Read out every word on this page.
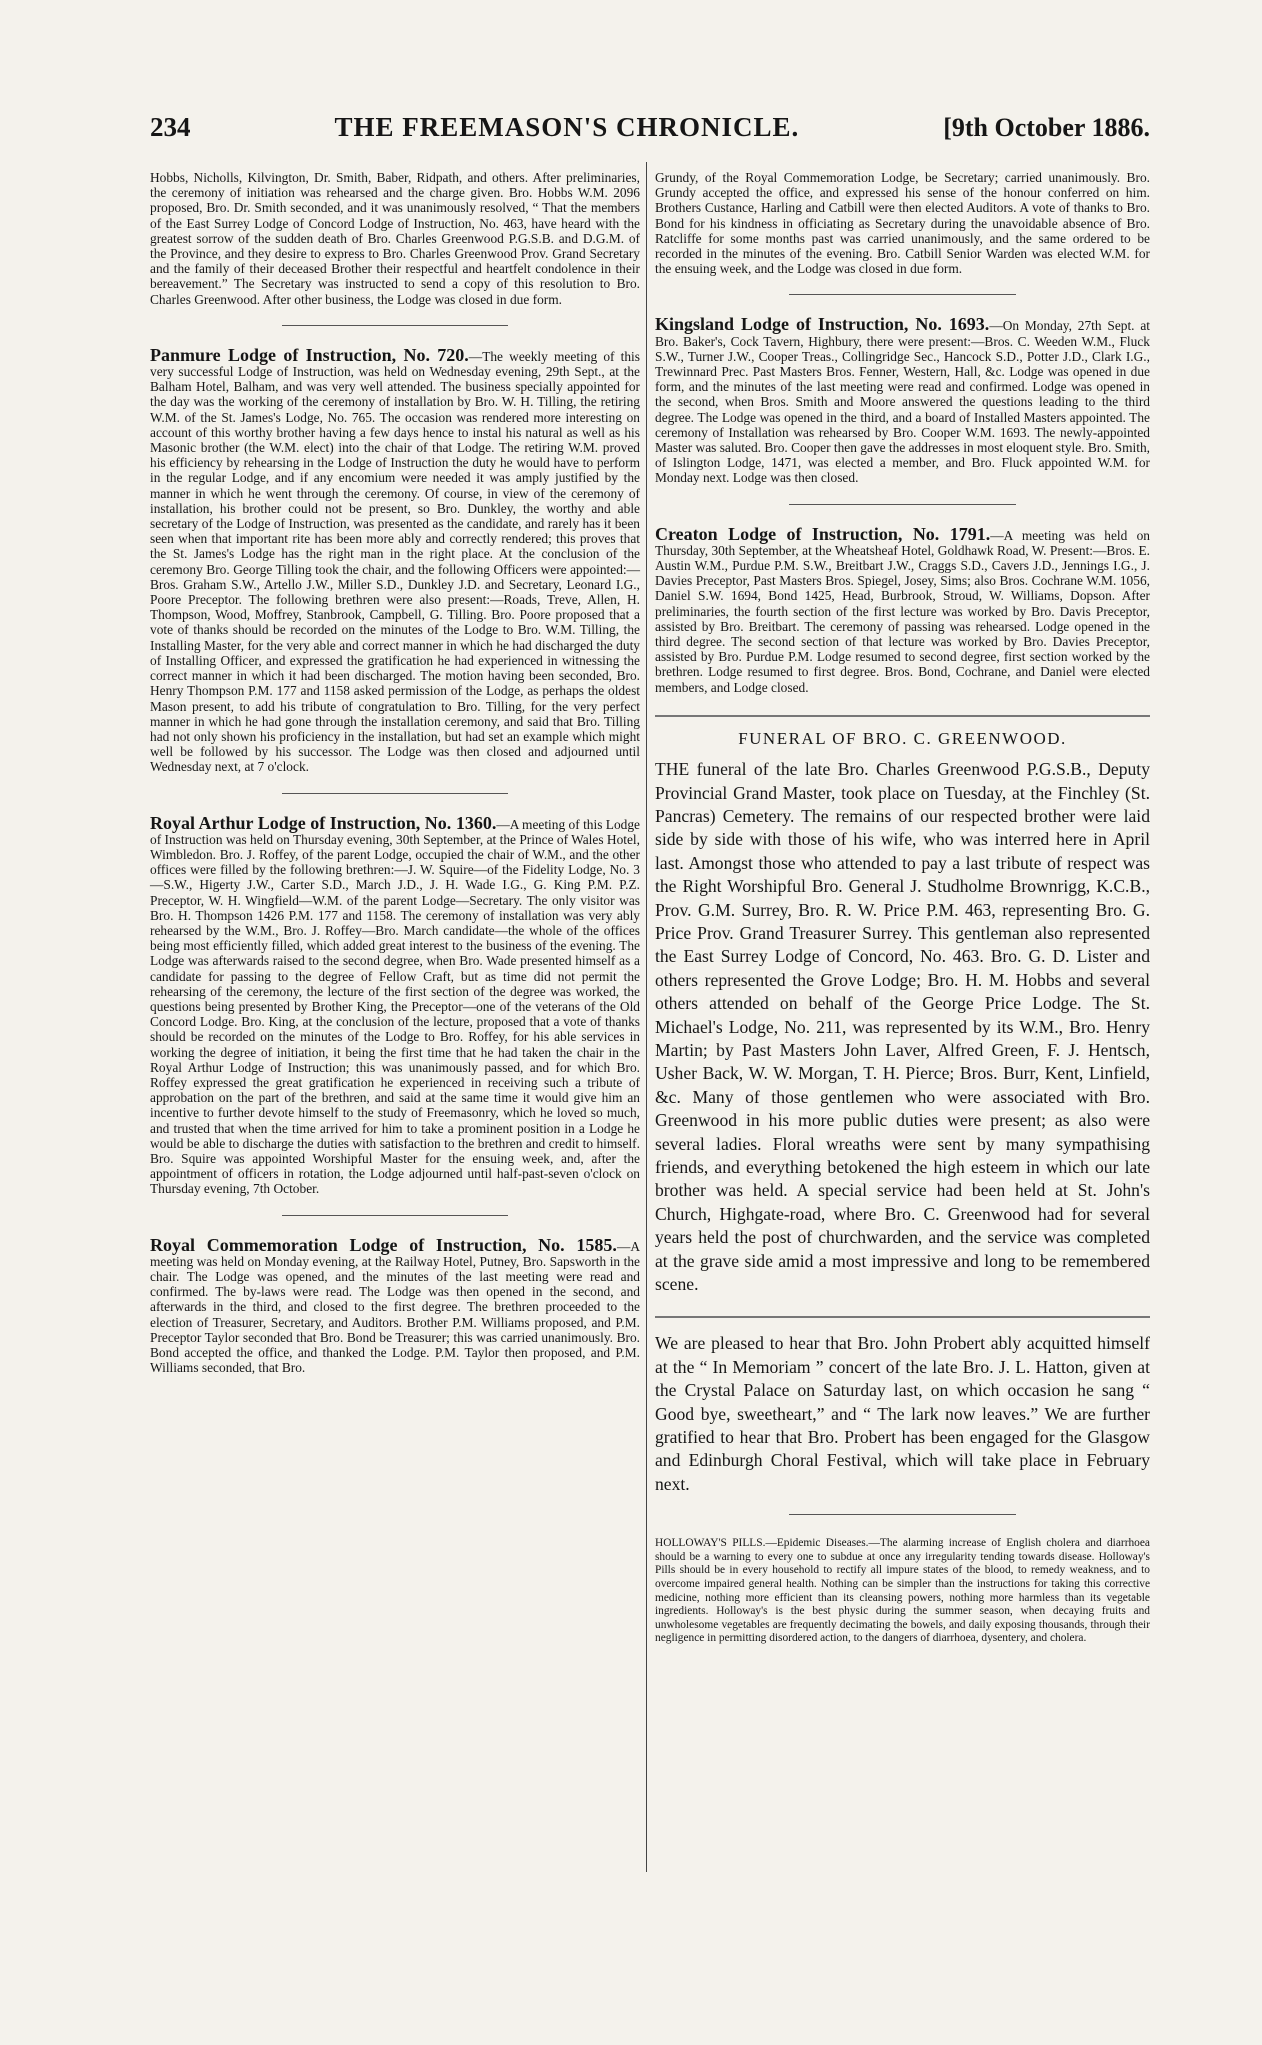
234	THE FREEMASON'S CHRONICLE.	[9th October 1886.

Hobbs, Nicholls, Kilvington, Dr. Smith, Baber, Ridpath, and others. After preliminaries, the ceremony of initiation was rehearsed and the charge given. Bro. Hobbs W.M. 2096 proposed, Bro. Dr. Smith seconded, and it was unanimously resolved, “ That the members of the East Surrey Lodge of Concord Lodge of Instruction, No. 463, have heard with the greatest sorrow of the sudden death of Bro. Charles Greenwood P.G.S.B. and D.G.M. of the Province, and they desire to express to Bro. Charles Greenwood Prov. Grand Secretary and the family of their deceased Brother their respectful and heartfelt condolence in their bereavement.” The Secretary was instructed to send a copy of this resolution to Bro. Charles Greenwood. After other business, the Lodge was closed in due form.

Panmure Lodge of Instruction, No. 720.—The weekly meeting of this very successful Lodge of Instruction, was held on Wednesday evening, 29th Sept., at the Balham Hotel, Balham, and was very well attended. The business specially appointed for the day was the working of the ceremony of installation by Bro. W. H. Tilling, the retiring W.M. of the St. James's Lodge, No. 765. The occasion was rendered more interesting on account of this worthy brother having a few days hence to instal his natural as well as his Masonic brother (the W.M. elect) into the chair of that Lodge. The retiring W.M. proved his efficiency by rehearsing in the Lodge of Instruction the duty he would have to perform in the regular Lodge, and if any encomium were needed it was amply justified by the manner in which he went through the ceremony. Of course, in view of the ceremony of installation, his brother could not be present, so Bro. Dunkley, the worthy and able secretary of the Lodge of Instruction, was presented as the candidate, and rarely has it been seen when that important rite has been more ably and correctly rendered; this proves that the St. James's Lodge has the right man in the right place. At the conclusion of the ceremony Bro. George Tilling took the chair, and the following Officers were appointed:—Bros. Graham S.W., Artello J.W., Miller S.D., Dunkley J.D. and Secretary, Leonard I.G., Poore Preceptor. The following brethren were also present:—Roads, Treve, Allen, H. Thompson, Wood, Moffrey, Stanbrook, Campbell, G. Tilling. Bro. Poore proposed that a vote of thanks should be recorded on the minutes of the Lodge to Bro. W.M. Tilling, the Installing Master, for the very able and correct manner in which he had discharged the duty of Installing Officer, and expressed the gratification he had experienced in witnessing the correct manner in which it had been discharged. The motion having been seconded, Bro. Henry Thompson P.M. 177 and 1158 asked permission of the Lodge, as perhaps the oldest Mason present, to add his tribute of congratulation to Bro. Tilling, for the very perfect manner in which he had gone through the installation ceremony, and said that Bro. Tilling had not only shown his proficiency in the installation, but had set an example which might well be followed by his successor. The Lodge was then closed and adjourned until Wednesday next, at 7 o'clock.

Royal Arthur Lodge of Instruction, No. 1360.—A meeting of this Lodge of Instruction was held on Thursday evening, 30th September, at the Prince of Wales Hotel, Wimbledon. Bro. J. Roffey, of the parent Lodge, occupied the chair of W.M., and the other offices were filled by the following brethren:—J. W. Squire—of the Fidelity Lodge, No. 3—S.W., Higerty J.W., Carter S.D., March J.D., J. H. Wade I.G., G. King P.M. P.Z. Preceptor, W. H. Wingfield—W.M. of the parent Lodge—Secretary. The only visitor was Bro. H. Thompson 1426 P.M. 177 and 1158. The ceremony of installation was very ably rehearsed by the W.M., Bro. J. Roffey—Bro. March candidate—the whole of the offices being most efficiently filled, which added great interest to the business of the evening. The Lodge was afterwards raised to the second degree, when Bro. Wade presented himself as a candidate for passing to the degree of Fellow Craft, but as time did not permit the rehearsing of the ceremony, the lecture of the first section of the degree was worked, the questions being presented by Brother King, the Preceptor—one of the veterans of the Old Concord Lodge. Bro. King, at the conclusion of the lecture, proposed that a vote of thanks should be recorded on the minutes of the Lodge to Bro. Roffey, for his able services in working the degree of initiation, it being the first time that he had taken the chair in the Royal Arthur Lodge of Instruction; this was unanimously passed, and for which Bro. Roffey expressed the great gratification he experienced in receiving such a tribute of approbation on the part of the brethren, and said at the same time it would give him an incentive to further devote himself to the study of Freemasonry, which he loved so much, and trusted that when the time arrived for him to take a prominent position in a Lodge he would be able to discharge the duties with satisfaction to the brethren and credit to himself. Bro. Squire was appointed Worshipful Master for the ensuing week, and, after the appointment of officers in rotation, the Lodge adjourned until half-past-seven o'clock on Thursday evening, 7th October.

Royal Commemoration Lodge of Instruction, No. 1585.—A meeting was held on Monday evening, at the Railway Hotel, Putney, Bro. Sapsworth in the chair. The Lodge was opened, and the minutes of the last meeting were read and confirmed. The by-laws were read. The Lodge was then opened in the second, and afterwards in the third, and closed to the first degree. The brethren proceeded to the election of Treasurer, Secretary, and Auditors. Brother P.M. Williams proposed, and P.M. Preceptor Taylor seconded that Bro. Bond be Treasurer; this was carried unanimously. Bro. Bond accepted the office, and thanked the Lodge. P.M. Taylor then proposed, and P.M. Williams seconded, that Bro.

Grundy, of the Royal Commemoration Lodge, be Secretary; carried unanimously. Bro. Grundy accepted the office, and expressed his sense of the honour conferred on him. Brothers Custance, Harling and Catbill were then elected Auditors. A vote of thanks to Bro. Bond for his kindness in officiating as Secretary during the unavoidable absence of Bro. Ratcliffe for some months past was carried unanimously, and the same ordered to be recorded in the minutes of the evening. Bro. Catbill Senior Warden was elected W.M. for the ensuing week, and the Lodge was closed in due form.

Kingsland Lodge of Instruction, No. 1693.—On Monday, 27th Sept. at Bro. Baker's, Cock Tavern, Highbury, there were present:—Bros. C. Weeden W.M., Fluck S.W., Turner J.W., Cooper Treas., Collingridge Sec., Hancock S.D., Potter J.D., Clark I.G., Trewinnard Prec. Past Masters Bros. Fenner, Western, Hall, &c. Lodge was opened in due form, and the minutes of the last meeting were read and confirmed. Lodge was opened in the second, when Bros. Smith and Moore answered the questions leading to the third degree. The Lodge was opened in the third, and a board of Installed Masters appointed. The ceremony of Installation was rehearsed by Bro. Cooper W.M. 1693. The newly-appointed Master was saluted. Bro. Cooper then gave the addresses in most eloquent style. Bro. Smith, of Islington Lodge, 1471, was elected a member, and Bro. Fluck appointed W.M. for Monday next. Lodge was then closed.

Creaton Lodge of Instruction, No. 1791.—A meeting was held on Thursday, 30th September, at the Wheatsheaf Hotel, Goldhawk Road, W. Present:—Bros. E. Austin W.M., Purdue P.M. S.W., Breitbart J.W., Craggs S.D., Cavers J.D., Jennings I.G., J. Davies Preceptor, Past Masters Bros. Spiegel, Josey, Sims; also Bros. Cochrane W.M. 1056, Daniel S.W. 1694, Bond 1425, Head, Burbrook, Stroud, W. Williams, Dopson. After preliminaries, the fourth section of the first lecture was worked by Bro. Davis Preceptor, assisted by Bro. Breitbart. The ceremony of passing was rehearsed. Lodge opened in the third degree. The second section of that lecture was worked by Bro. Davies Preceptor, assisted by Bro. Purdue P.M. Lodge resumed to second degree, first section worked by the brethren. Lodge resumed to first degree. Bros. Bond, Cochrane, and Daniel were elected members, and Lodge closed.

FUNERAL OF BRO. C. GREENWOOD.

THE funeral of the late Bro. Charles Greenwood P.G.S.B., Deputy Provincial Grand Master, took place on Tuesday, at the Finchley (St. Pancras) Cemetery. The remains of our respected brother were laid side by side with those of his wife, who was interred here in April last. Amongst those who attended to pay a last tribute of respect was the Right Worshipful Bro. General J. Studholme Brownrigg, K.C.B., Prov. G.M. Surrey, Bro. R. W. Price P.M. 463, representing Bro. G. Price Prov. Grand Treasurer Surrey. This gentleman also represented the East Surrey Lodge of Concord, No. 463. Bro. G. D. Lister and others represented the Grove Lodge; Bro. H. M. Hobbs and several others attended on behalf of the George Price Lodge. The St. Michael's Lodge, No. 211, was represented by its W.M., Bro. Henry Martin; by Past Masters John Laver, Alfred Green, F. J. Hentsch, Usher Back, W. W. Morgan, T. H. Pierce; Bros. Burr, Kent, Linfield, &c. Many of those gentlemen who were associated with Bro. Greenwood in his more public duties were present; as also were several ladies. Floral wreaths were sent by many sympathising friends, and everything betokened the high esteem in which our late brother was held. A special service had been held at St. John's Church, Highgate-road, where Bro. C. Greenwood had for several years held the post of churchwarden, and the service was completed at the grave side amid a most impressive and long to be remembered scene.

We are pleased to hear that Bro. John Probert ably acquitted himself at the “ In Memoriam ” concert of the late Bro. J. L. Hatton, given at the Crystal Palace on Saturday last, on which occasion he sang “ Good bye, sweetheart,” and “ The lark now leaves.” We are further gratified to hear that Bro. Probert has been engaged for the Glasgow and Edinburgh Choral Festival, which will take place in February next.

HOLLOWAY'S PILLS.—Epidemic Diseases.—The alarming increase of English cholera and diarrhoea should be a warning to every one to subdue at once any irregularity tending towards disease. Holloway's Pills should be in every household to rectify all impure states of the blood, to remedy weakness, and to overcome impaired general health. Nothing can be simpler than the instructions for taking this corrective medicine, nothing more efficient than its cleansing powers, nothing more harmless than its vegetable ingredients. Holloway's is the best physic during the summer season, when decaying fruits and unwholesome vegetables are frequently decimating the bowels, and daily exposing thousands, through their negligence in permitting disordered action, to the dangers of diarrhoea, dysentery, and cholera.
